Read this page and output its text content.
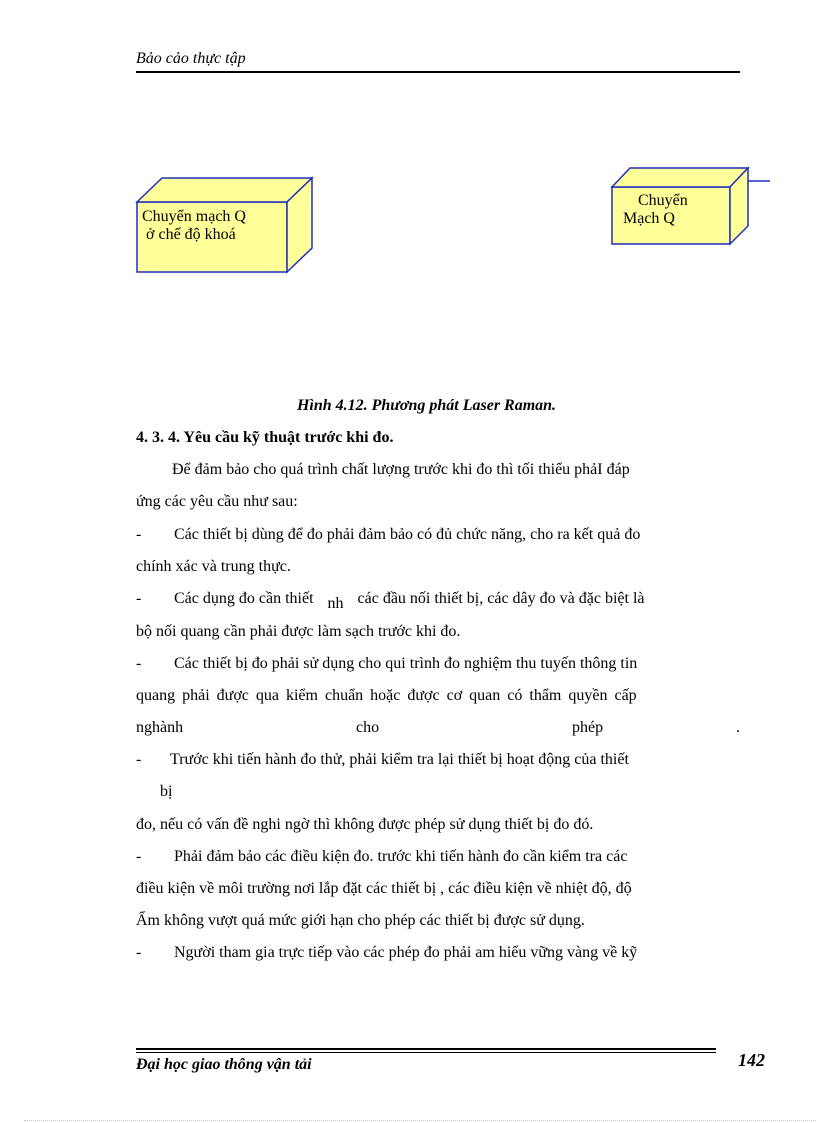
Bảo cảo thực tập
Chuyển mạch Q
ở chế độ khoá
Chuyển
Mạch Q
Hình 4.12. Phương phát Laser Raman.
4. 3. 4. Yêu cầu kỹ thuật trước khi đo.
Để đảm bảo cho quá trình chất lượng trước khi đo thì tối thiểu phảI đáp
ứng các yêu cầu như sau:
- Các thiết bị dùng để đo phải đảm bảo có đủ chức năng, cho ra kết quả đo
chính xác và trung thực.
- Các dụng đo cần thiết nh các đầu nối thiết bị, các dây đo và đặc biệt là
bộ nối quang cần phải được làm sạch trước khi đo.
- Các thiết bị đo phải sử dụng cho qui trình đo nghiệm thu tuyến thông tin
quang phải được qua kiểm chuẩn hoặc được cơ quan có thẩm quyền cấp
nghành	cho	phép	.
- Trước khi tiến hành đo thử, phải kiểm tra lại thiết bị hoạt động của thiết
bị
đo, nếu có vấn đề nghi ngờ thì không được phép sử dụng thiết bị đo đó.
- Phải đảm bảo các điều kiện đo. trước khi tiến hành đo cần kiểm tra các
điều kiện về môi trường nơi lắp đặt các thiết bị , các điều kiện về nhiệt độ, độ
Ẩm không vượt quá mức giới hạn cho phép các thiết bị được sử dụng.
- Người tham gia trực tiếp vào các phép đo phải am hiểu vững vàng về kỹ
Đại học giao thông vận tải	142
